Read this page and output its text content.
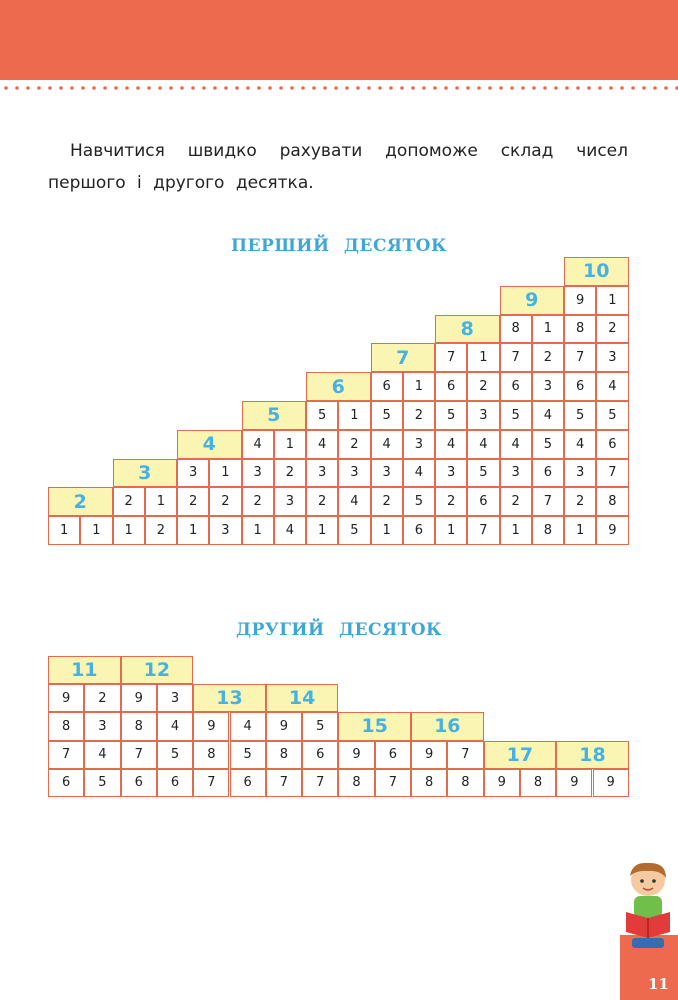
Навчитися швидко рахувати допоможе склад чисел першого і другого десятка.

ПЕРШИЙ ДЕСЯТОК
ДРУГИЙ ДЕСЯТОК
11
2
1	1
3
2	1
1	2
4
3	1
2	2
1	3
5
4	1
3	2
2	3
1	4
6
5	1
4	2
3	3
2	4
1	5
7
6	1
5	2
4	3
3	4
2	5
1	6
8
7	1
6	2
5	3
4	4
3	5
2	6
1	7
9
8	1
7	2
6	3
5	4
4	5
3	6
2	7
1	8
10
9	1
8	2
7	3
6	4
5	5
4	6
3	7
2	8
1	9
11
9	2
8	3
7	4
6	5
12
9	3
8	4
7	5
6	6
13
9	4
8	5
7	6
14
9	5
8	6
7	7
15
9	6
8	7
16
9	7
8	8
17
9	8
18
9	9
